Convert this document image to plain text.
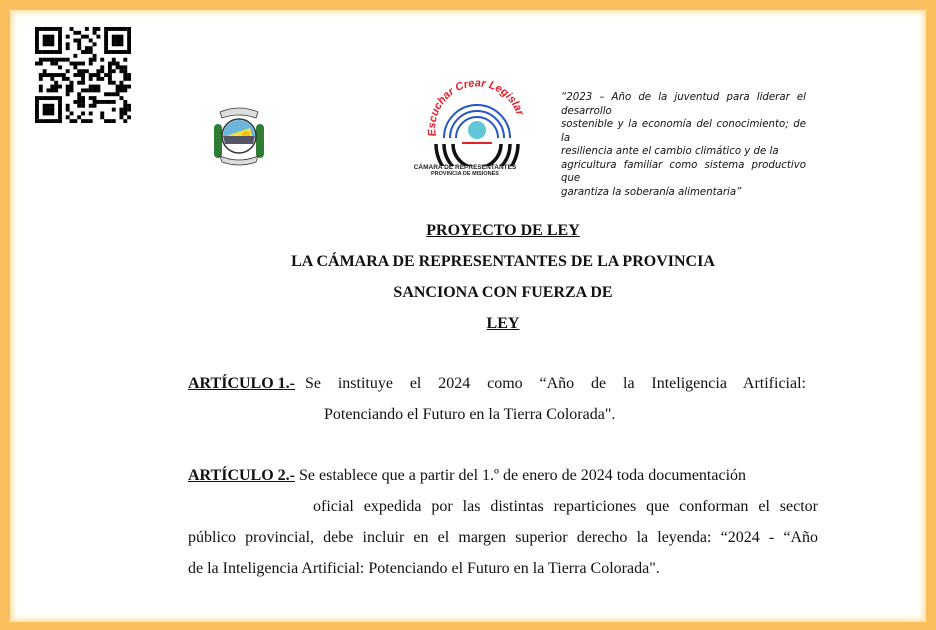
Escuchar Crear Legislar
CÁMARA DE REPRESENTANTES
PROVINCIA DE MISIONES
“2023 – Año de la juventud para liderar el desarrollo
sostenible y la economía del conocimiento; de la
resiliencia ante el cambio climático y de la
agricultura familiar como sistema productivo que
garantiza la soberanía alimentaria”
PROYECTO DE LEY
LA CÁMARA DE REPRESENTANTES DE LA PROVINCIA
SANCIONA CON FUERZA DE
LEY
ARTÍCULO 1.- Se instituye el 2024 como “Año de la Inteligencia Artificial:
Potenciando el Futuro en la Tierra Colorada".
ARTÍCULO 2.- Se establece que a partir del 1.º de enero de 2024 toda documentación
oficial expedida por las distintas reparticiones que conforman el sector
público provincial, debe incluir en el margen superior derecho la leyenda: “2024 - “Año
de la Inteligencia Artificial: Potenciando el Futuro en la Tierra Colorada".
